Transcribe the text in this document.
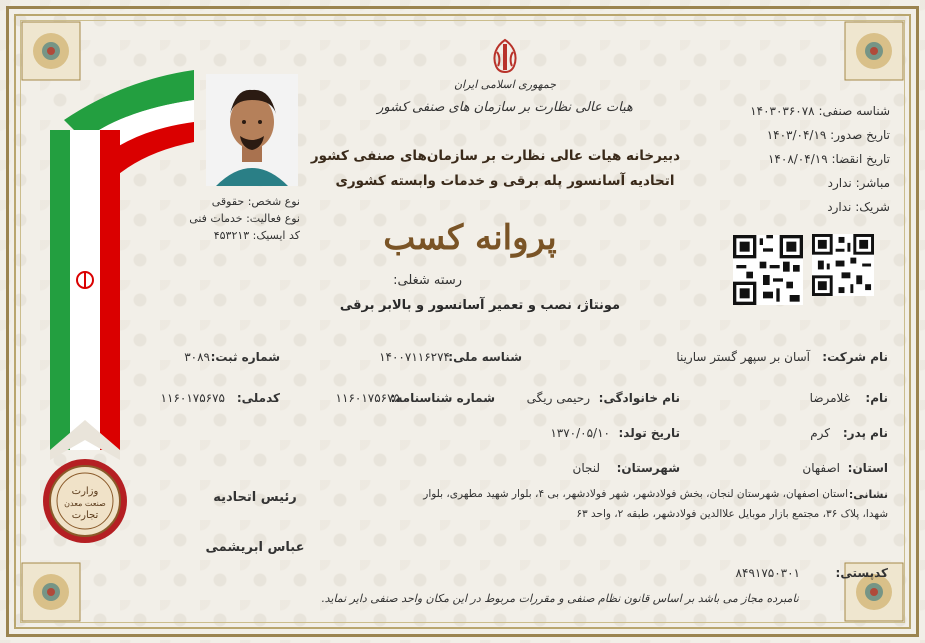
وزارت
صنعت معدن
تجارت
جمهوری اسلامی ایران
هیات عالی نظارت بر سازمان های صنفی کشور
دبیرخانه هیات عالی نظارت بر سازمان‌های صنفی کشور
اتحادیه آسانسور پله برقی و خدمات وابسته کشوری
پروانه کسب
رسته شغلی:
مونتاژ، نصب و تعمیر آسانسور و بالابر برقی
نوع شخص: حقوقی
نوع فعالیت: خدمات فنی
کد ایسیک: ۴۵۳۲۱۳
شناسه صنفی: ۱۴۰۳۰۳۶۰۷۸
تاریخ صدور: ۱۴۰۳/۰۴/۱۹
تاریخ انقضا: ۱۴۰۸/۰۴/۱۹
مباشر: ندارد
شریک: ندارد
نام شرکت:
آسان بر سپهر گستر سارینا
شناسه ملی:
۱۴۰۰۷۱۱۶۲۷۴
شماره ثبت:
۳۰۸۹
نام:
غلامرضا
نام خانوادگی:
رحیمی ریگی
شماره شناسنامه:
۱۱۶۰۱۷۵۶۷۵
کدملی:
۱۱۶۰۱۷۵۶۷۵
نام پدر:
کرم
تاریخ تولد:
۱۳۷۰/۰۵/۱۰
استان:
اصفهان
شهرستان:
لنجان
نشانی:
استان اصفهان، شهرستان لنجان، بخش فولادشهر، شهر فولادشهر، بی ۴، بلوار شهید مطهری، بلوار
شهدا، پلاک ۳۶، مجتمع بازار موبایل علاالدین فولادشهر، طبقه ۲، واحد ۶۳
کدپستی:
۸۴۹۱۷۵۰۳۰۱
رئیس اتحادیه
عباس ابریشمی
نامبرده مجاز می باشد بر اساس قانون نظام صنفی و مقررات مربوط در این مکان واحد صنفی دایر نماید.
